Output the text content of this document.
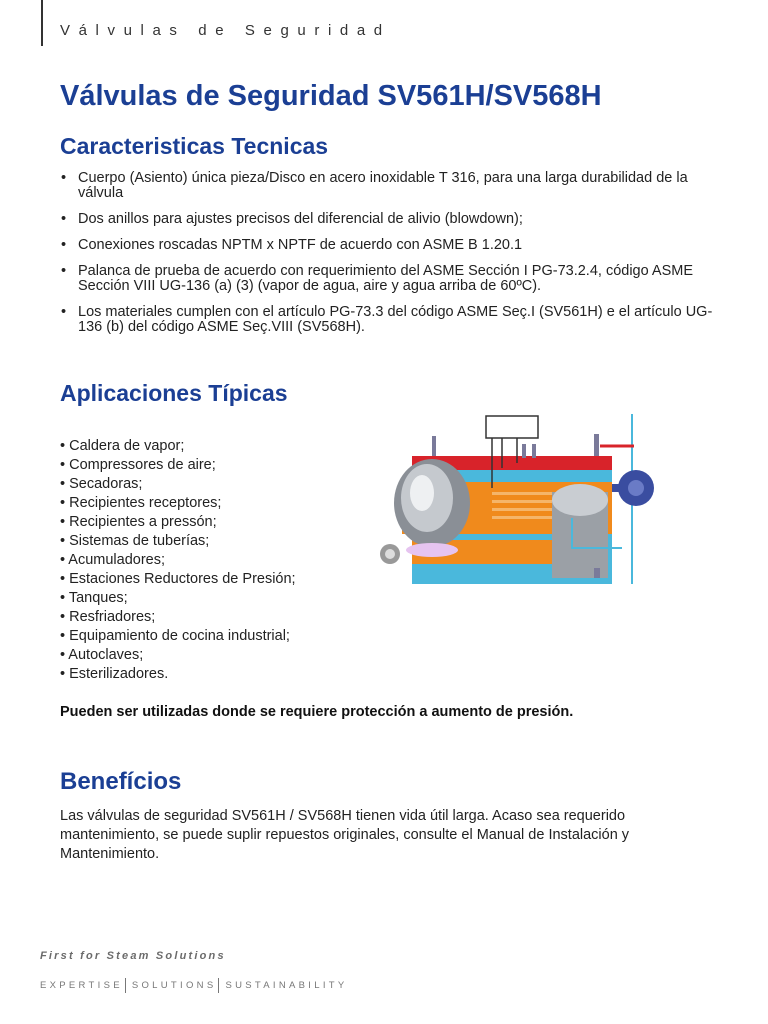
Válvulas de Seguridad
Válvulas de Seguridad SV561H/SV568H
Caracteristicas Tecnicas
• Cuerpo (Asiento) única pieza/Disco en acero inoxidable T 316, para una larga durabilidad de la válvula
• Dos anillos para ajustes precisos del diferencial de alivio (blowdown);
• Conexiones roscadas NPTM x NPTF de acuerdo con ASME B 1.20.1
• Palanca de prueba de acuerdo con requerimiento del ASME Sección I PG-73.2.4, código ASME Sección VIII UG-136 (a) (3) (vapor de agua, aire y agua arriba de 60ºC).
• Los materiales cumplen con el artículo PG-73.3 del código ASME Seç.I (SV561H) e el artículo UG-136 (b) del código ASME Seç.VIII (SV568H).
Aplicaciones Típicas
• Caldera de vapor;
• Compressores de aire;
• Secadoras;
• Recipientes receptores;
• Recipientes a pressón;
• Sistemas de tuberías;
• Acumuladores;
• Estaciones Reductores de Presión;
• Tanques;
• Resfriadores;
• Equipamiento de cocina industrial;
• Autoclaves;
• Esterilizadores.
Pueden ser utilizadas donde se requiere protección a aumento de presión.
Benefícios
Las válvulas de seguridad SV561H / SV568H tienen vida útil larga. Acaso sea requerido mantenimiento, se puede suplir repuestos originales, consulte el Manual de Instalación y Mantenimiento.
First for Steam Solutions
EXPERTISE SOLUTIONS SUSTAINABILITY
